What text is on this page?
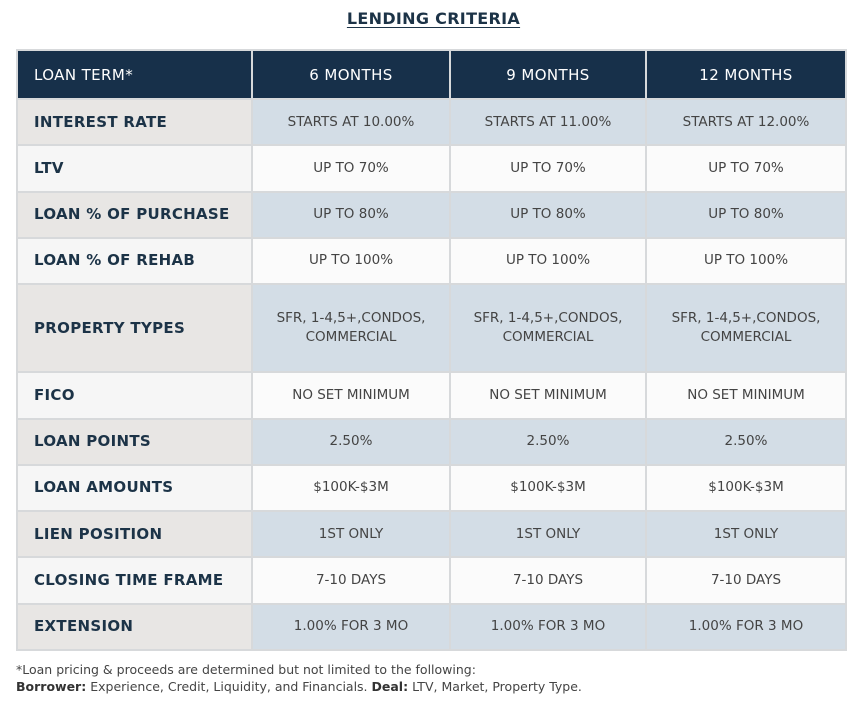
LENDING CRITERIA
LOAN TERM*	6 MONTHS	9 MONTHS	12 MONTHS
INTEREST RATE	STARTS AT 10.00%	STARTS AT 11.00%	STARTS AT 12.00%
LTV	UP TO 70%	UP TO 70%	UP TO 70%
LOAN % OF PURCHASE	UP TO 80%	UP TO 80%	UP TO 80%
LOAN % OF REHAB	UP TO 100%	UP TO 100%	UP TO 100%
PROPERTY TYPES	SFR, 1-4,5+,CONDOS, COMMERCIAL	SFR, 1-4,5+,CONDOS, COMMERCIAL	SFR, 1-4,5+,CONDOS, COMMERCIAL
FICO	NO SET MINIMUM	NO SET MINIMUM	NO SET MINIMUM
LOAN POINTS	2.50%	2.50%	2.50%
LOAN AMOUNTS	$100K-$3M	$100K-$3M	$100K-$3M
LIEN POSITION	1ST ONLY	1ST ONLY	1ST ONLY
CLOSING TIME FRAME	7-10 DAYS	7-10 DAYS	7-10 DAYS
EXTENSION	1.00% FOR 3 MO	1.00% FOR 3 MO	1.00% FOR 3 MO
*Loan pricing & proceeds are determined but not limited to the following:
Borrower: Experience, Credit, Liquidity, and Financials. Deal: LTV, Market, Property Type.
